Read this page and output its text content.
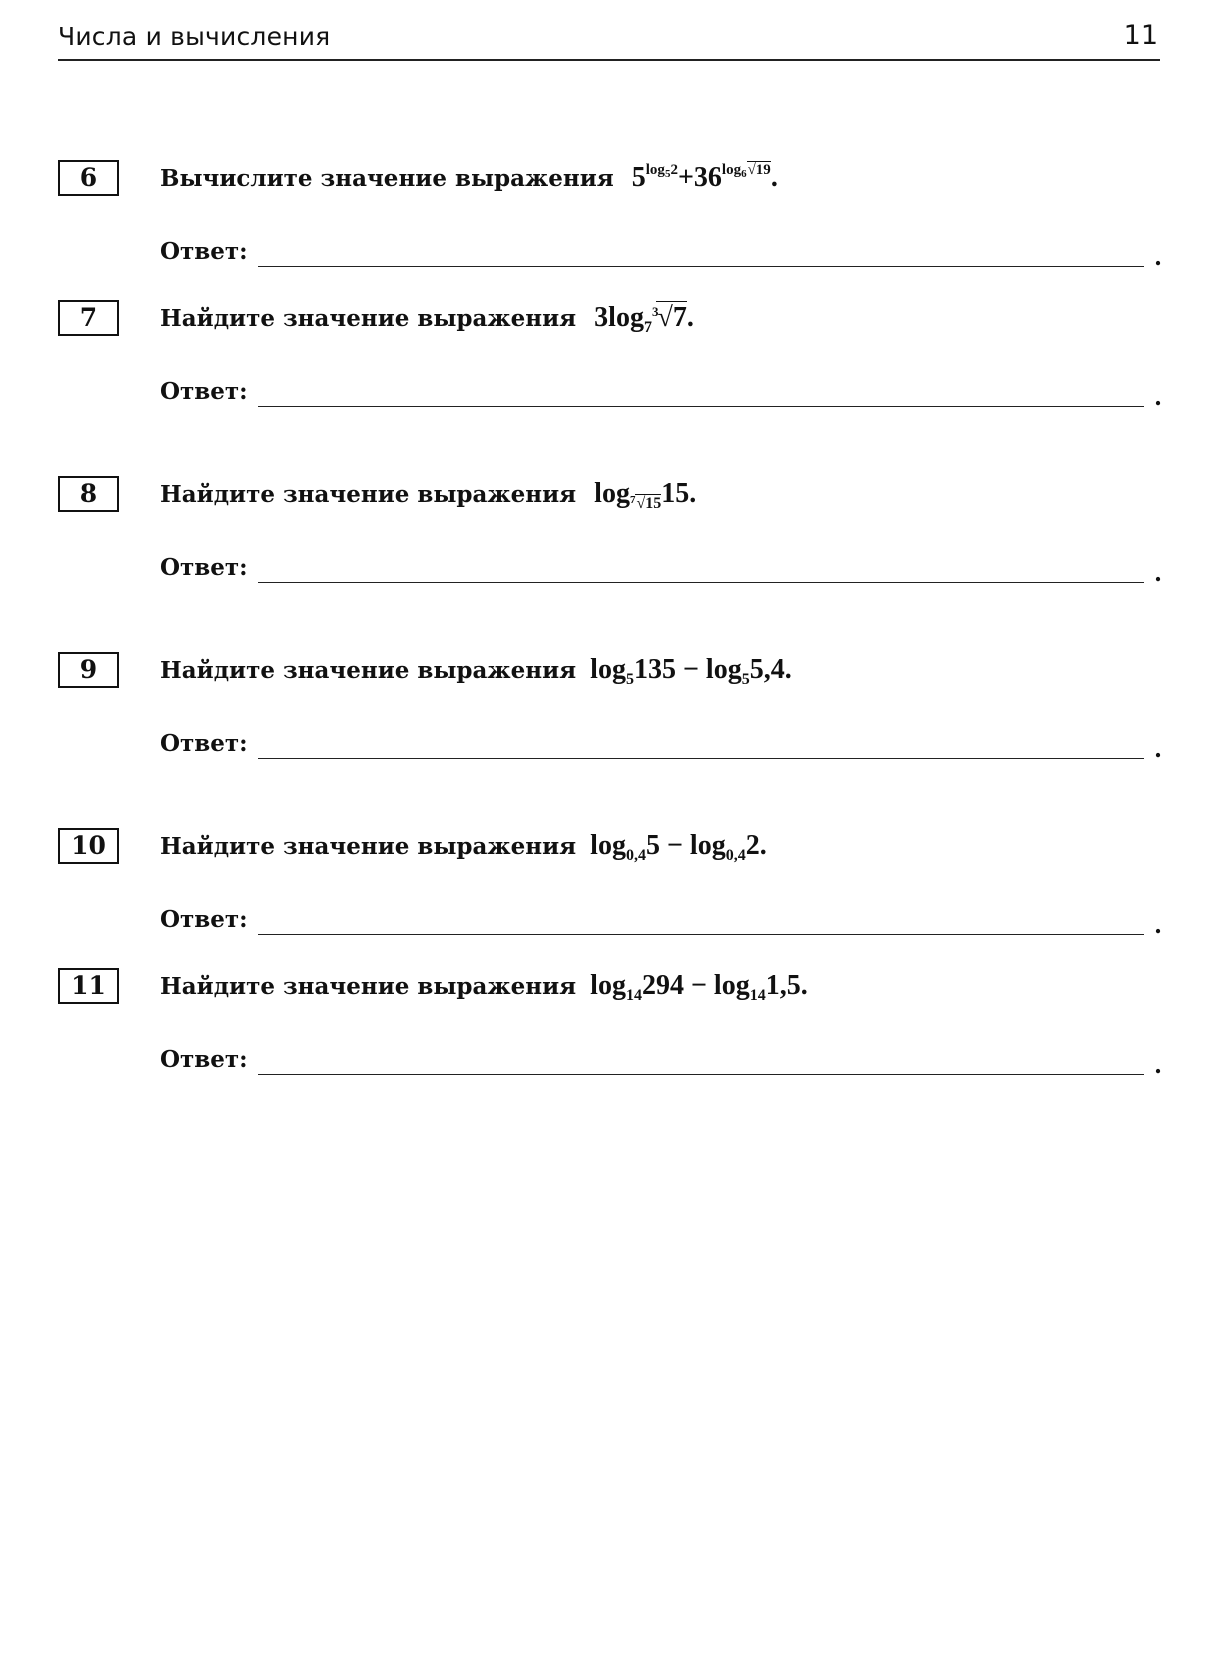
Числа и вычисления	11
6	Вычислите значение выражения $5^{log_52}+36^{log_6√19}$.
Ответ:	.
7	Найдите значение выражения $3\log_7^3√7$.
Ответ:	.
8	Найдите значение выражения $\log_{^7√15}15$.
Ответ:	.
9	Найдите значение выражения $\log_5135 - \log_55,4$.
Ответ:	.
10	Найдите значение выражения $\log_{0,4}5 - \log_{0,4}2$.
Ответ:	.
11	Найдите значение выражения $\log_{14}294 - \log_{14}1,5$.
Ответ:	.
